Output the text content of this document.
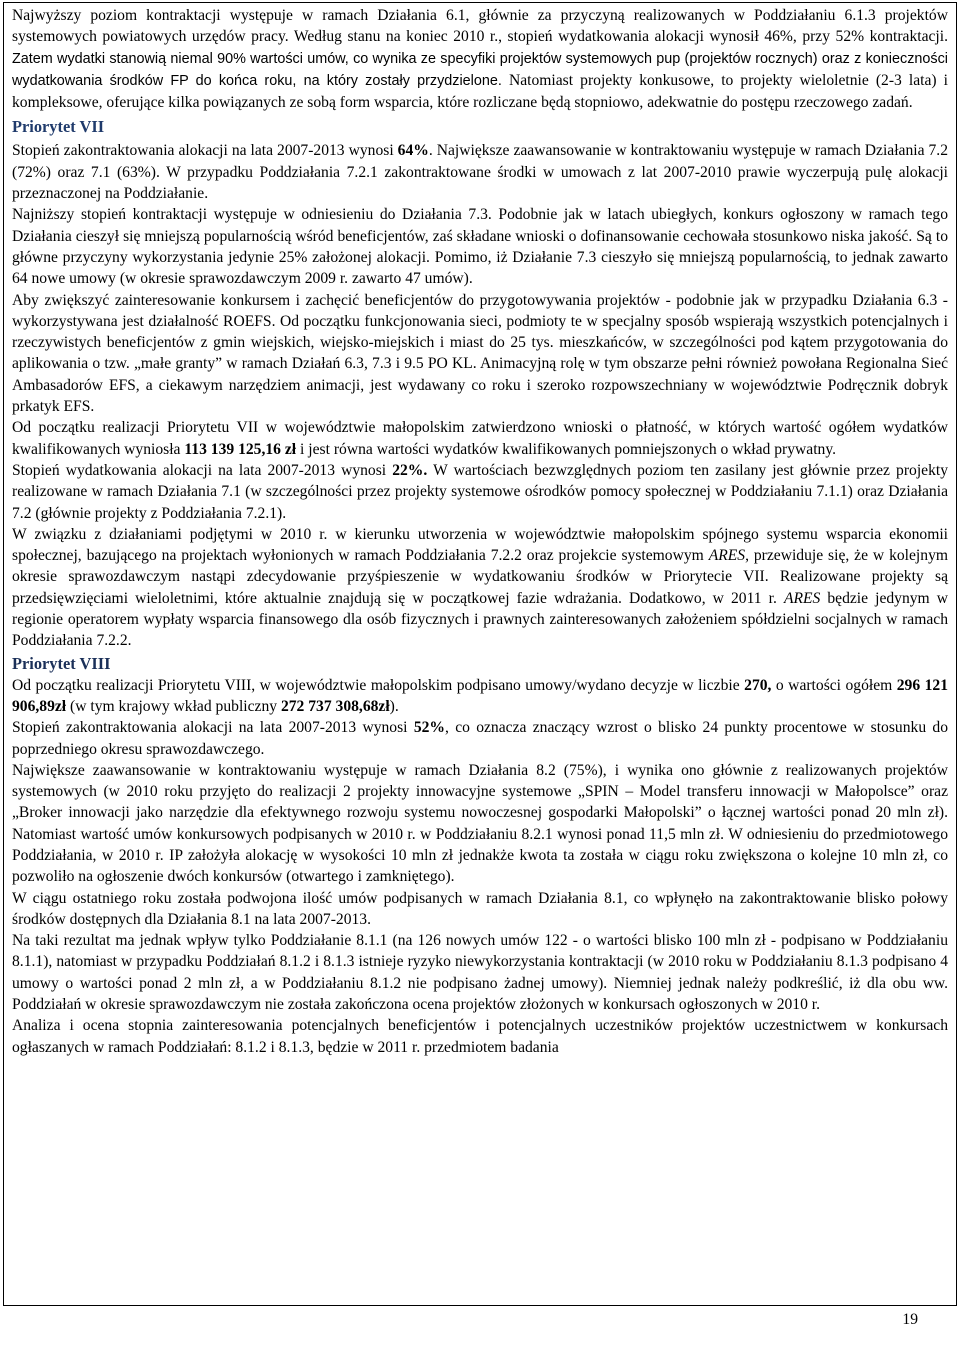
Najwyższy poziom kontraktacji występuje w ramach Działania 6.1, głównie za przyczyną realizowanych w Poddziałaniu 6.1.3 projektów systemowych powiatowych urzędów pracy. Według stanu na koniec 2010 r., stopień wydatkowania alokacji wynosił 46%, przy 52% kontraktacji. Zatem wydatki stanowią niemal 90% wartości umów, co wynika ze specyfiki projektów systemowych pup (projektów rocznych) oraz z konieczności wydatkowania środków FP do końca roku, na który zostały przydzielone. Natomiast projekty konkusowe, to projekty wieloletnie (2-3 lata) i kompleksowe, oferujące kilka powiązanych ze sobą form wsparcia, które rozliczane będą stopniowo, adekwatnie do postępu rzeczowego zadań.

Priorytet VII

Stopień zakontraktowania alokacji na lata 2007-2013 wynosi 64%. Największe zaawansowanie w kontraktowaniu występuje w ramach Działania 7.2 (72%) oraz 7.1 (63%). W przypadku Poddziałania 7.2.1 zakontraktowane środki w umowach z lat 2007-2010 prawie wyczerpują pulę alokacji przeznaczonej na Poddziałanie.

Najniższy stopień kontraktacji występuje w odniesieniu do Działania 7.3. Podobnie jak w latach ubiegłych, konkurs ogłoszony w ramach tego Działania cieszył się mniejszą popularnością wśród beneficjentów, zaś składane wnioski o dofinansowanie cechowała stosunkowo niska jakość. Są to główne przyczyny wykorzystania jedynie 25% założonej alokacji. Pomimo, iż Działanie 7.3 cieszyło się mniejszą popularnością, to jednak zawarto 64 nowe umowy (w okresie sprawozdawczym 2009 r. zawarto 47 umów).

Aby zwiększyć zainteresowanie konkursem i zachęcić beneficjentów do przygotowywania projektów - podobnie jak w przypadku Działania 6.3 -wykorzystywana jest działalność ROEFS. Od początku funkcjonowania sieci, podmioty te w specjalny sposób wspierają wszystkich potencjalnych i rzeczywistych beneficjentów z gmin wiejskich, wiejsko-miejskich i miast do 25 tys. mieszkańców, w szczególności pod kątem przygotowania do aplikowania o tzw. „małe granty” w ramach Działań 6.3, 7.3 i 9.5 PO KL. Animacyjną rolę w tym obszarze pełni również powołana Regionalna Sieć Ambasadorów EFS, a ciekawym narzędziem animacji, jest wydawany co roku i szeroko rozpowszechniany w województwie Podręcznik dobryk prkatyk EFS.

Od początku realizacji Priorytetu VII w województwie małopolskim zatwierdzono wnioski o płatność, w których wartość ogółem wydatków kwalifikowanych wyniosła 113 139 125,16 zł i jest równa wartości wydatków kwalifikowanych pomniejszonych o wkład prywatny.

Stopień wydatkowania alokacji na lata 2007-2013 wynosi 22%. W wartościach bezwzględnych poziom ten zasilany jest głównie przez projekty realizowane w ramach Działania 7.1 (w szczególności przez projekty systemowe ośrodków pomocy społecznej w Poddziałaniu 7.1.1) oraz Działania 7.2 (głównie projekty z Poddziałania 7.2.1).

W związku z działaniami podjętymi w 2010 r. w kierunku utworzenia w województwie małopolskim spójnego systemu wsparcia ekonomii społecznej, bazującego na projektach wyłonionych w ramach Poddziałania 7.2.2 oraz projekcie systemowym ARES, przewiduje się, że w kolejnym okresie sprawozdawczym nastąpi zdecydowanie przyśpieszenie w wydatkowaniu środków w Priorytecie VII. Realizowane projekty są przedsięwzięciami wieloletnimi, które aktualnie znajdują się w początkowej fazie wdrażania. Dodatkowo, w 2011 r. ARES będzie jedynym w regionie operatorem wypłaty wsparcia finansowego dla osób fizycznych i prawnych zainteresowanych założeniem spółdzielni socjalnych w ramach Poddziałania 7.2.2.

Priorytet VIII

Od początku realizacji Priorytetu VIII, w województwie małopolskim podpisano umowy/wydano decyzje w liczbie 270, o wartości ogółem 296 121 906,89zł (w tym krajowy wkład publiczny 272 737 308,68zł).

Stopień zakontraktowania alokacji na lata 2007-2013 wynosi 52%, co oznacza znaczący wzrost o blisko 24 punkty procentowe w stosunku do poprzedniego okresu sprawozdawczego.

Największe zaawansowanie w kontraktowaniu występuje w ramach Działania 8.2 (75%), i wynika ono głównie z realizowanych projektów systemowych (w 2010 roku przyjęto do realizacji 2 projekty innowacyjne systemowe „SPIN – Model transferu innowacji w Małopolsce” oraz „Broker innowacji jako narzędzie dla efektywnego rozwoju systemu nowoczesnej gospodarki Małopolski” o łącznej wartości ponad 20 mln zł). Natomiast wartość umów konkursowych podpisanych w 2010 r. w Poddziałaniu 8.2.1 wynosi ponad 11,5 mln zł. W odniesieniu do przedmiotowego Poddziałania, w 2010 r. IP założyła alokację w wysokości 10 mln zł jednakże kwota ta została w ciągu roku zwiększona o kolejne 10 mln zł, co pozwoliło na ogłoszenie dwóch konkursów (otwartego i zamkniętego).

W ciągu ostatniego roku została podwojona ilość umów podpisanych w ramach Działania 8.1, co wpłynęło na zakontraktowanie blisko połowy środków dostępnych dla Działania 8.1 na lata 2007-2013.

Na taki rezultat ma jednak wpływ tylko Poddziałanie 8.1.1 (na 126 nowych umów 122 - o wartości blisko 100 mln zł - podpisano w Poddziałaniu 8.1.1), natomiast w przypadku Poddziałań 8.1.2 i 8.1.3 istnieje ryzyko niewykorzystania kontraktacji (w 2010 roku w Poddziałaniu 8.1.3 podpisano 4 umowy o wartości ponad 2 mln zł, a w Poddziałaniu 8.1.2 nie podpisano żadnej umowy). Niemniej jednak należy podkreślić, iż dla obu ww. Poddziałań w okresie sprawozdawczym nie została zakończona ocena projektów złożonych w konkursach ogłoszonych w 2010 r.

Analiza i ocena stopnia zainteresowania potencjalnych beneficjentów i potencjalnych uczestników projektów uczestnictwem w konkursach ogłaszanych w ramach Poddziałań: 8.1.2 i 8.1.3, będzie w 2011 r. przedmiotem badania

19
